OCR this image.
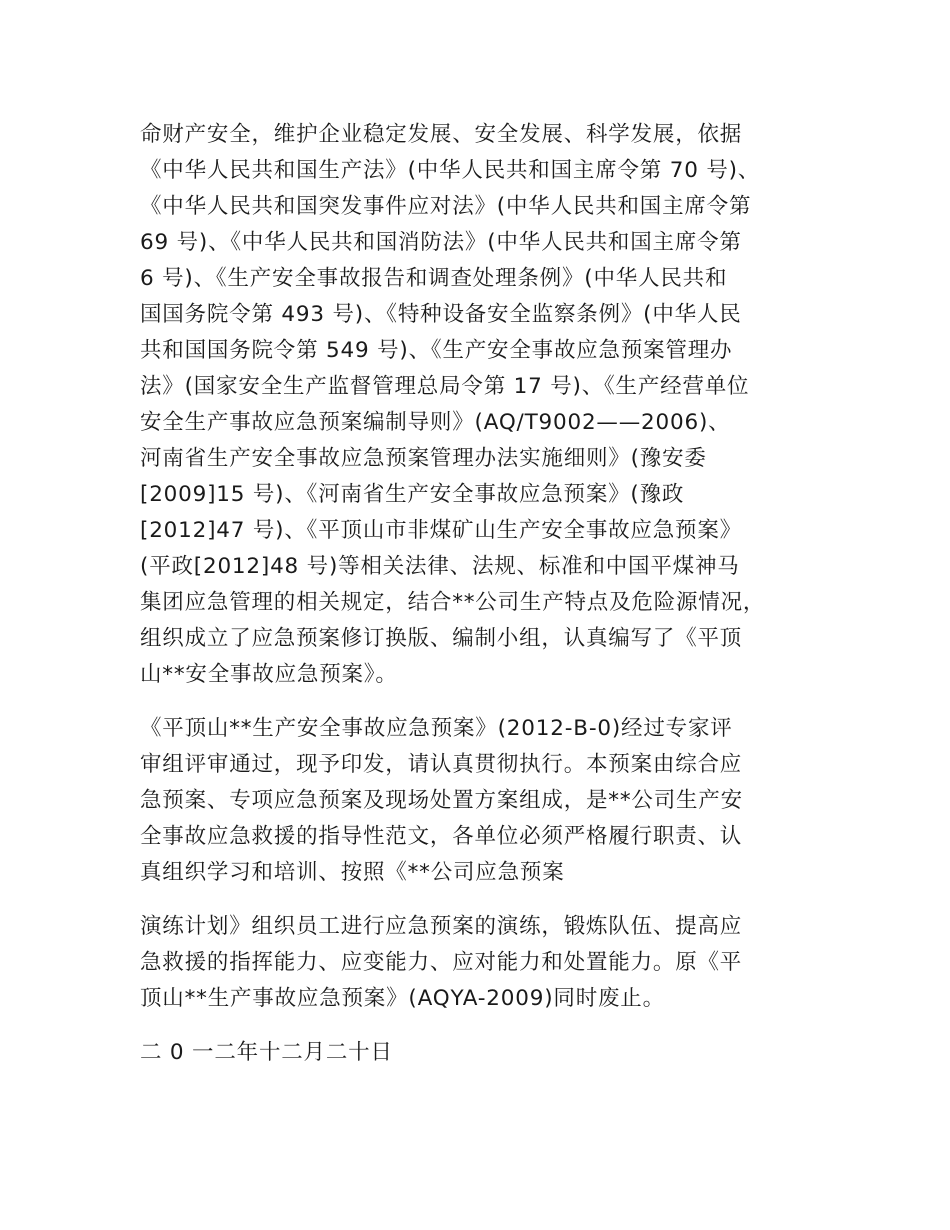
命财产安全，维护企业稳定发展、安全发展、科学发展，依据
《中华人民共和国生产法》(中华人民共和国主席令第 70 号)、
《中华人民共和国突发事件应对法》(中华人民共和国主席令第
69 号)、《中华人民共和国消防法》(中华人民共和国主席令第
6 号)、《生产安全事故报告和调查处理条例》(中华人民共和
国国务院令第 493 号)、《特种设备安全监察条例》(中华人民
共和国国务院令第 549 号)、《生产安全事故应急预案管理办
法》(国家安全生产监督管理总局令第 17 号)、《生产经营单位
安全生产事故应急预案编制导则》(AQ/T9002——2006)、
河南省生产安全事故应急预案管理办法实施细则》(豫安委
[2009]15 号)、《河南省生产安全事故应急预案》(豫政
[2012]47 号)、《平顶山市非煤矿山生产安全事故应急预案》
(平政[2012]48 号)等相关法律、法规、标准和中国平煤神马
集团应急管理的相关规定，结合**公司生产特点及危险源情况，
组织成立了应急预案修订换版、编制小组，认真编写了《平顶
山**安全事故应急预案》。
《平顶山**生产安全事故应急预案》(2012-B-0)经过专家评
审组评审通过，现予印发，请认真贯彻执行。本预案由综合应
急预案、专项应急预案及现场处置方案组成，是**公司生产安
全事故应急救援的指导性范文，各单位必须严格履行职责、认
真组织学习和培训、按照《**公司应急预案
演练计划》组织员工进行应急预案的演练，锻炼队伍、提高应
急救援的指挥能力、应变能力、应对能力和处置能力。原《平
顶山**生产事故应急预案》(AQYA-2009)同时废止。
二 0 一二年十二月二十日
